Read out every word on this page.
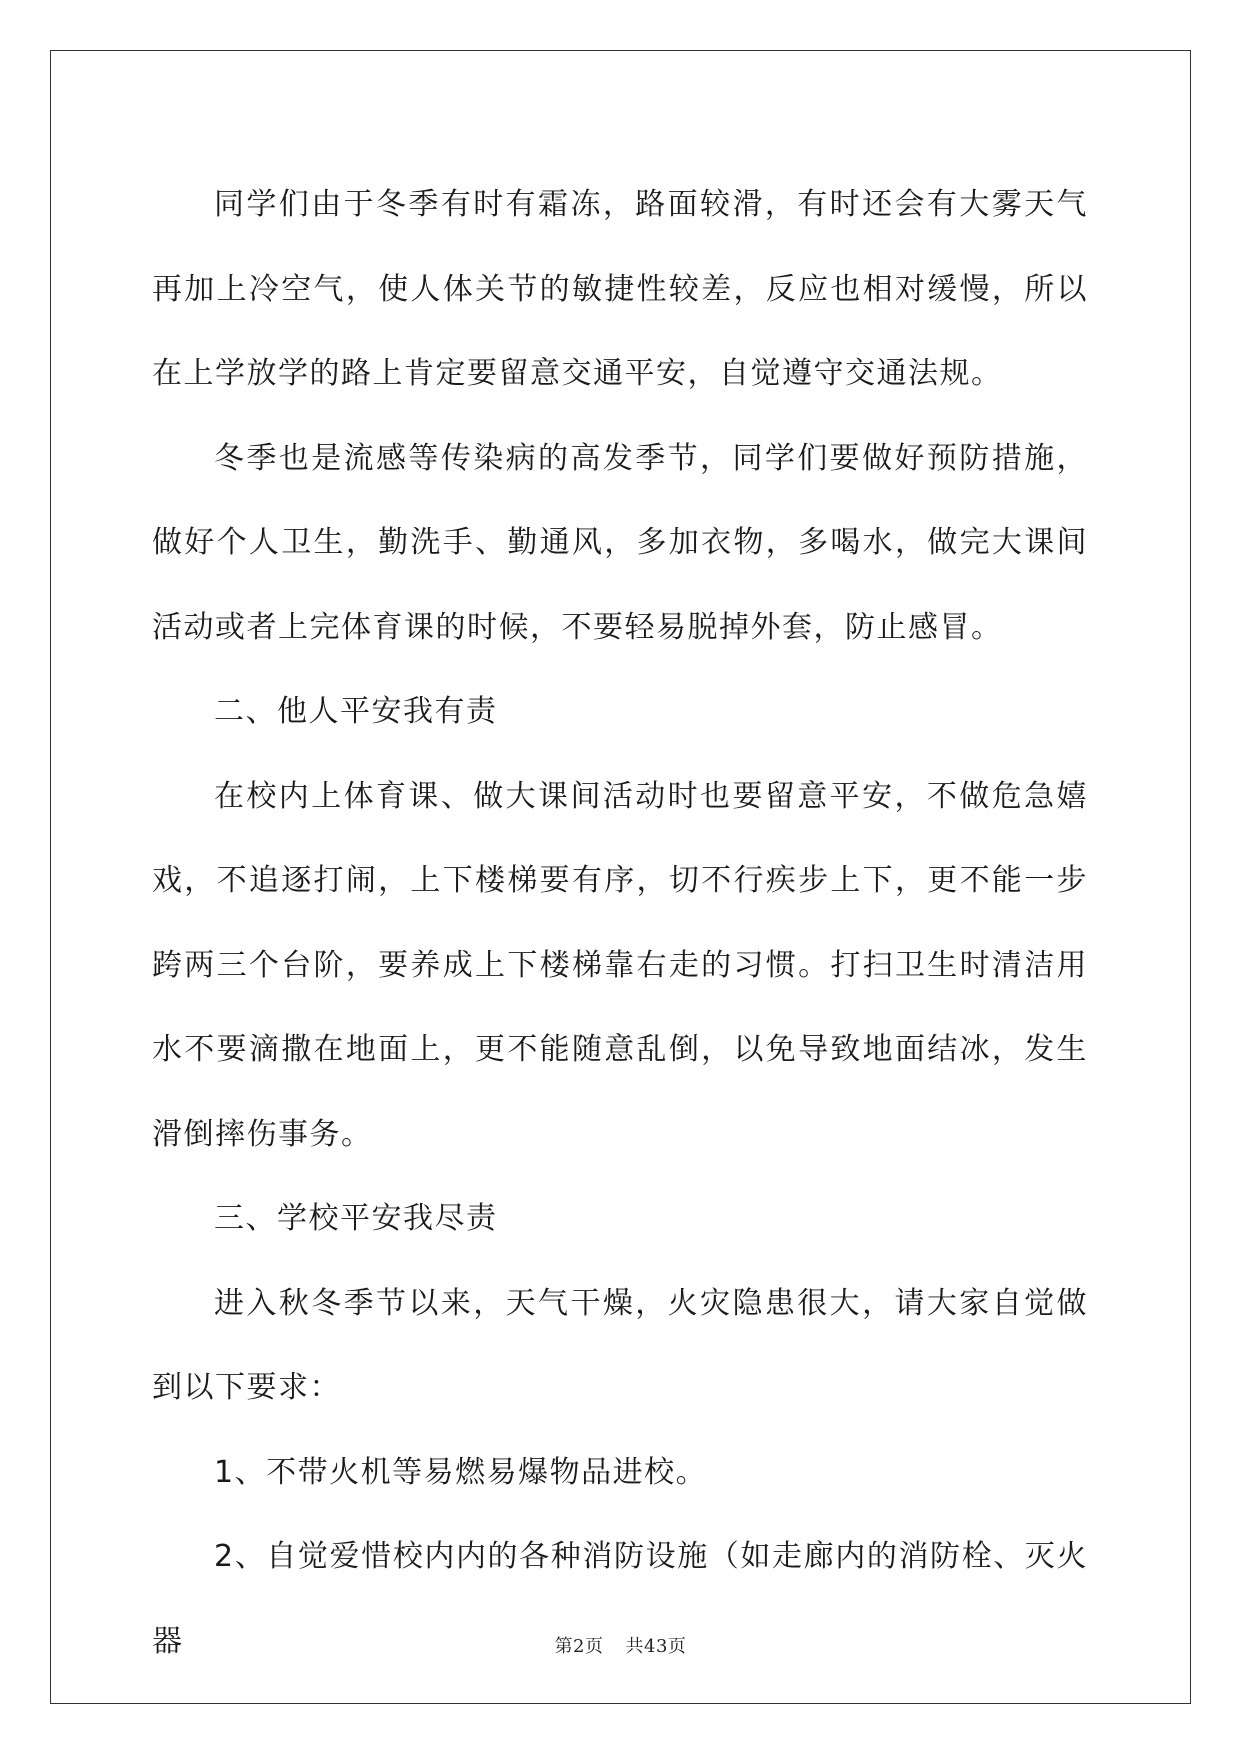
同学们由于冬季有时有霜冻，路面较滑，有时还会有大雾天气再加上冷空气，使人体关节的敏捷性较差，反应也相对缓慢，所以在上学放学的路上肯定要留意交通平安，自觉遵守交通法规。

冬季也是流感等传染病的高发季节，同学们要做好预防措施，做好个人卫生，勤洗手、勤通风，多加衣物，多喝水，做完大课间活动或者上完体育课的时候，不要轻易脱掉外套，防止感冒。

二、他人平安我有责

在校内上体育课、做大课间活动时也要留意平安，不做危急嬉戏，不追逐打闹，上下楼梯要有序，切不行疾步上下，更不能一步跨两三个台阶，要养成上下楼梯靠右走的习惯。打扫卫生时清洁用水不要滴撒在地面上，更不能随意乱倒，以免导致地面结冰，发生滑倒摔伤事务。

三、学校平安我尽责

进入秋冬季节以来，天气干燥，火灾隐患很大，请大家自觉做到以下要求：

1、不带火机等易燃易爆物品进校。

2、自觉爱惜校内内的各种消防设施（如走廊内的消防栓、灭火器	第2页 共43页
